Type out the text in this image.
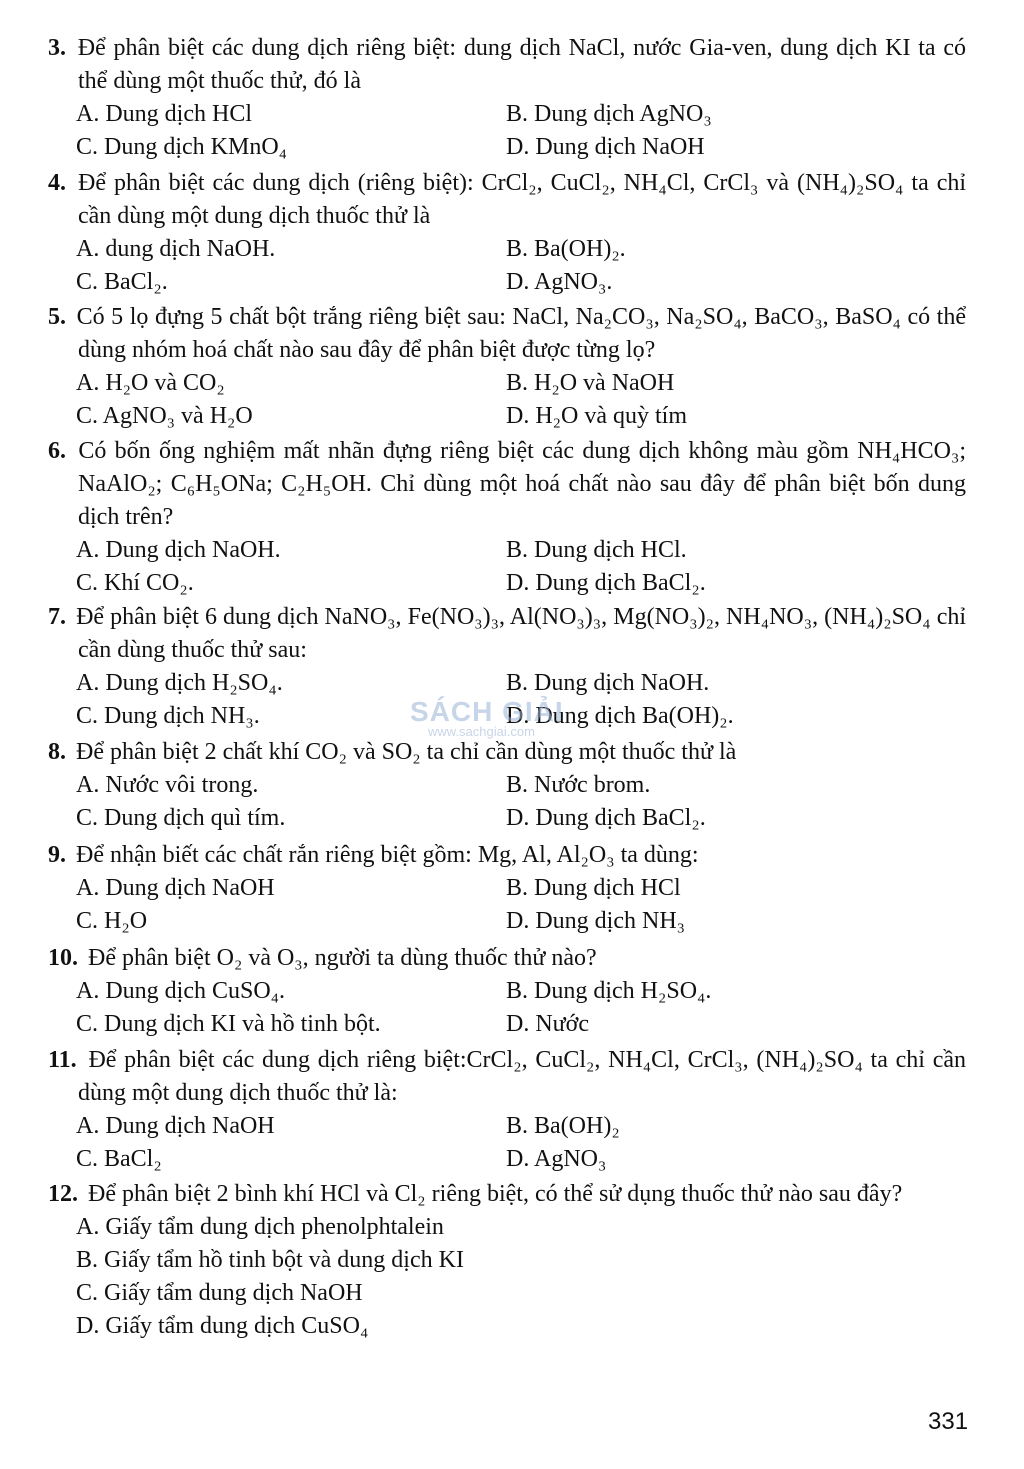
3. Để phân biệt các dung dịch riêng biệt: dung dịch NaCl, nước Gia-ven, dung dịch KI ta có thể dùng một thuốc thử, đó là
A. Dung dịch HCl	B. Dung dịch AgNO₃
C. Dung dịch KMnO₄	D. Dung dịch NaOH
4. Để phân biệt các dung dịch (riêng biệt): CrCl₂, CuCl₂, NH₄Cl, CrCl₃ và (NH₄)₂SO₄ ta chỉ cần dùng một dung dịch thuốc thử là
A. dung dịch NaOH.	B. Ba(OH)₂.
C. BaCl₂.	D. AgNO₃.
5. Có 5 lọ đựng 5 chất bột trắng riêng biệt sau: NaCl, Na₂CO₃, Na₂SO₄, BaCO₃, BaSO₄ có thể dùng nhóm hoá chất nào sau đây để phân biệt được từng lọ?
A. H₂O và CO₂	B. H₂O và NaOH
C. AgNO₃ và H₂O	D. H₂O và quỳ tím
6. Có bốn ống nghiệm mất nhãn đựng riêng biệt các dung dịch không màu gồm NH₄HCO₃; NaAlO₂; C₆H₅ONa; C₂H₅OH. Chỉ dùng một hoá chất nào sau đây để phân biệt bốn dung dịch trên?
A. Dung dịch NaOH.	B. Dung dịch HCl.
C. Khí CO₂.	D. Dung dịch BaCl₂.
7. Để phân biệt 6 dung dịch NaNO₃, Fe(NO₃)₃, Al(NO₃)₃, Mg(NO₃)₂, NH₄NO₃, (NH₄)₂SO₄ chỉ cần dùng thuốc thử sau:
A. Dung dịch H₂SO₄.	B. Dung dịch NaOH.
C. Dung dịch NH₃.	D. Dung dịch Ba(OH)₂.
8. Để phân biệt 2 chất khí CO₂ và SO₂ ta chỉ cần dùng một thuốc thử là
A. Nước vôi trong.	B. Nước brom.
C. Dung dịch quì tím.	D. Dung dịch BaCl₂.
9. Để nhận biết các chất rắn riêng biệt gồm: Mg, Al, Al₂O₃ ta dùng:
A. Dung dịch NaOH	B. Dung dịch HCl
C. H₂O	D. Dung dịch NH₃
10. Để phân biệt O₂ và O₃, người ta dùng thuốc thử nào?
A. Dung dịch CuSO₄.	B. Dung dịch H₂SO₄.
C. Dung dịch KI và hồ tinh bột.	D. Nước
11. Để phân biệt các dung dịch riêng biệt:CrCl₂, CuCl₂, NH₄Cl, CrCl₃, (NH₄)₂SO₄ ta chỉ cần dùng một dung dịch thuốc thử là:
A. Dung dịch NaOH	B. Ba(OH)₂
C. BaCl₂	D. AgNO₃
12. Để phân biệt 2 bình khí HCl và Cl₂ riêng biệt, có thể sử dụng thuốc thử nào sau đây?
A. Giấy tẩm dung dịch phenolphtalein
B. Giấy tẩm hồ tinh bột và dung dịch KI
C. Giấy tẩm dung dịch NaOH
D. Giấy tẩm dung dịch CuSO₄
SÁCH GIẢI
www.sachgiai.com
331
